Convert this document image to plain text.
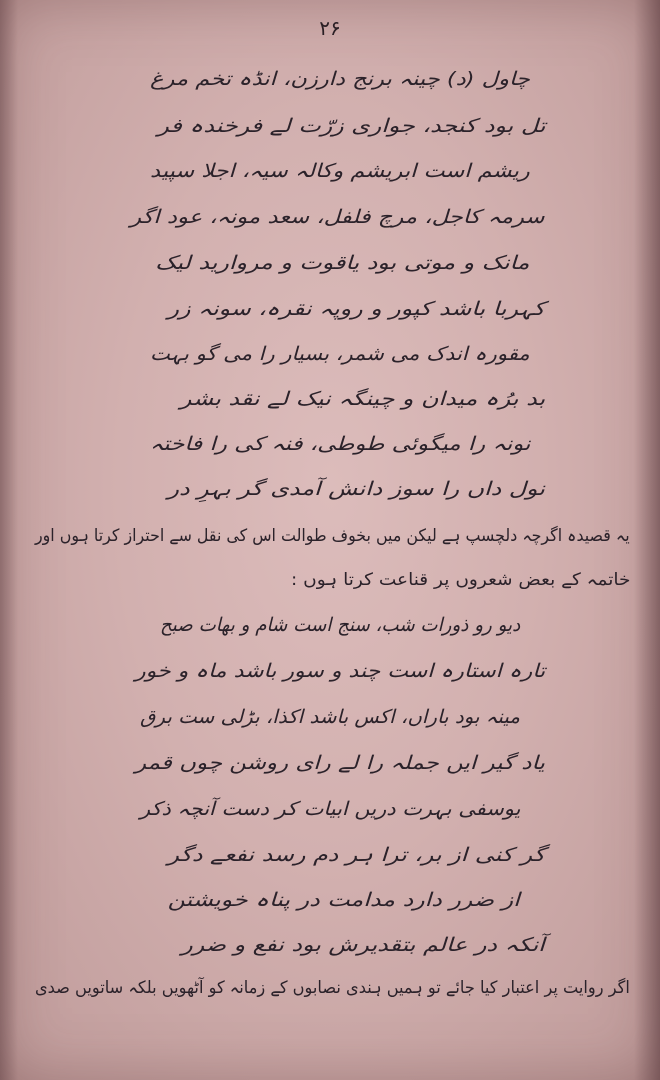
۲۶
چاول (د) چینہ برنج دارزن، انڈہ تخم مرغ
تل بود کنجد، جواری زرّت لے فرخندہ فر
ریشم است ابریشم وکالہ سیہ، اجلا سپید
سرمہ کاجل، مرچ فلفل، سعد مونہ، عود اگر
مانک و موتی بود یاقوت و مروارید لیک
کہربا باشد کپور و روپہ نقرہ، سونہ زر
مقورہ اندک می شمر، بسیار را می گو بہت
بد برُہ میدان و چینگہ نیک لے نقد بشر
نونہ را میگوئی طوطی، فنہ کی را فاختہ
نول داں را سوز دانش آمدی گر بہرِ در
یہ قصیدہ اگرچہ دلچسپ ہے لیکن میں بخوف طوالت اس کی نقل سے احتراز کرتا ہوں اور
خاتمہ کے بعض شعروں پر قناعت کرتا ہوں :
دیو رو ذورات شب، سنج است شام و بھات صبح
تارہ استارہ است چند و سور باشد ماہ و خور
مینہ بود باراں، اکس باشد اکذا، بڑلی ست برق
یاد گیر ایں جملہ را لے رای روشن چوں قمر
یوسفی بہرت دریں ابیات کر دست آنچہ ذکر
گر کنی از بر، ترا ہر دم رسد نفعے دگر
از ضرر دارد مدامت در پناہ خویشتن
آنکہ در عالم بتقدیرش بود نفع و ضرر
اگر روایت پر اعتبار کیا جائے تو ہمیں ہندی نصابوں کے زمانہ کو آٹھویں بلکہ ساتویں صدی
